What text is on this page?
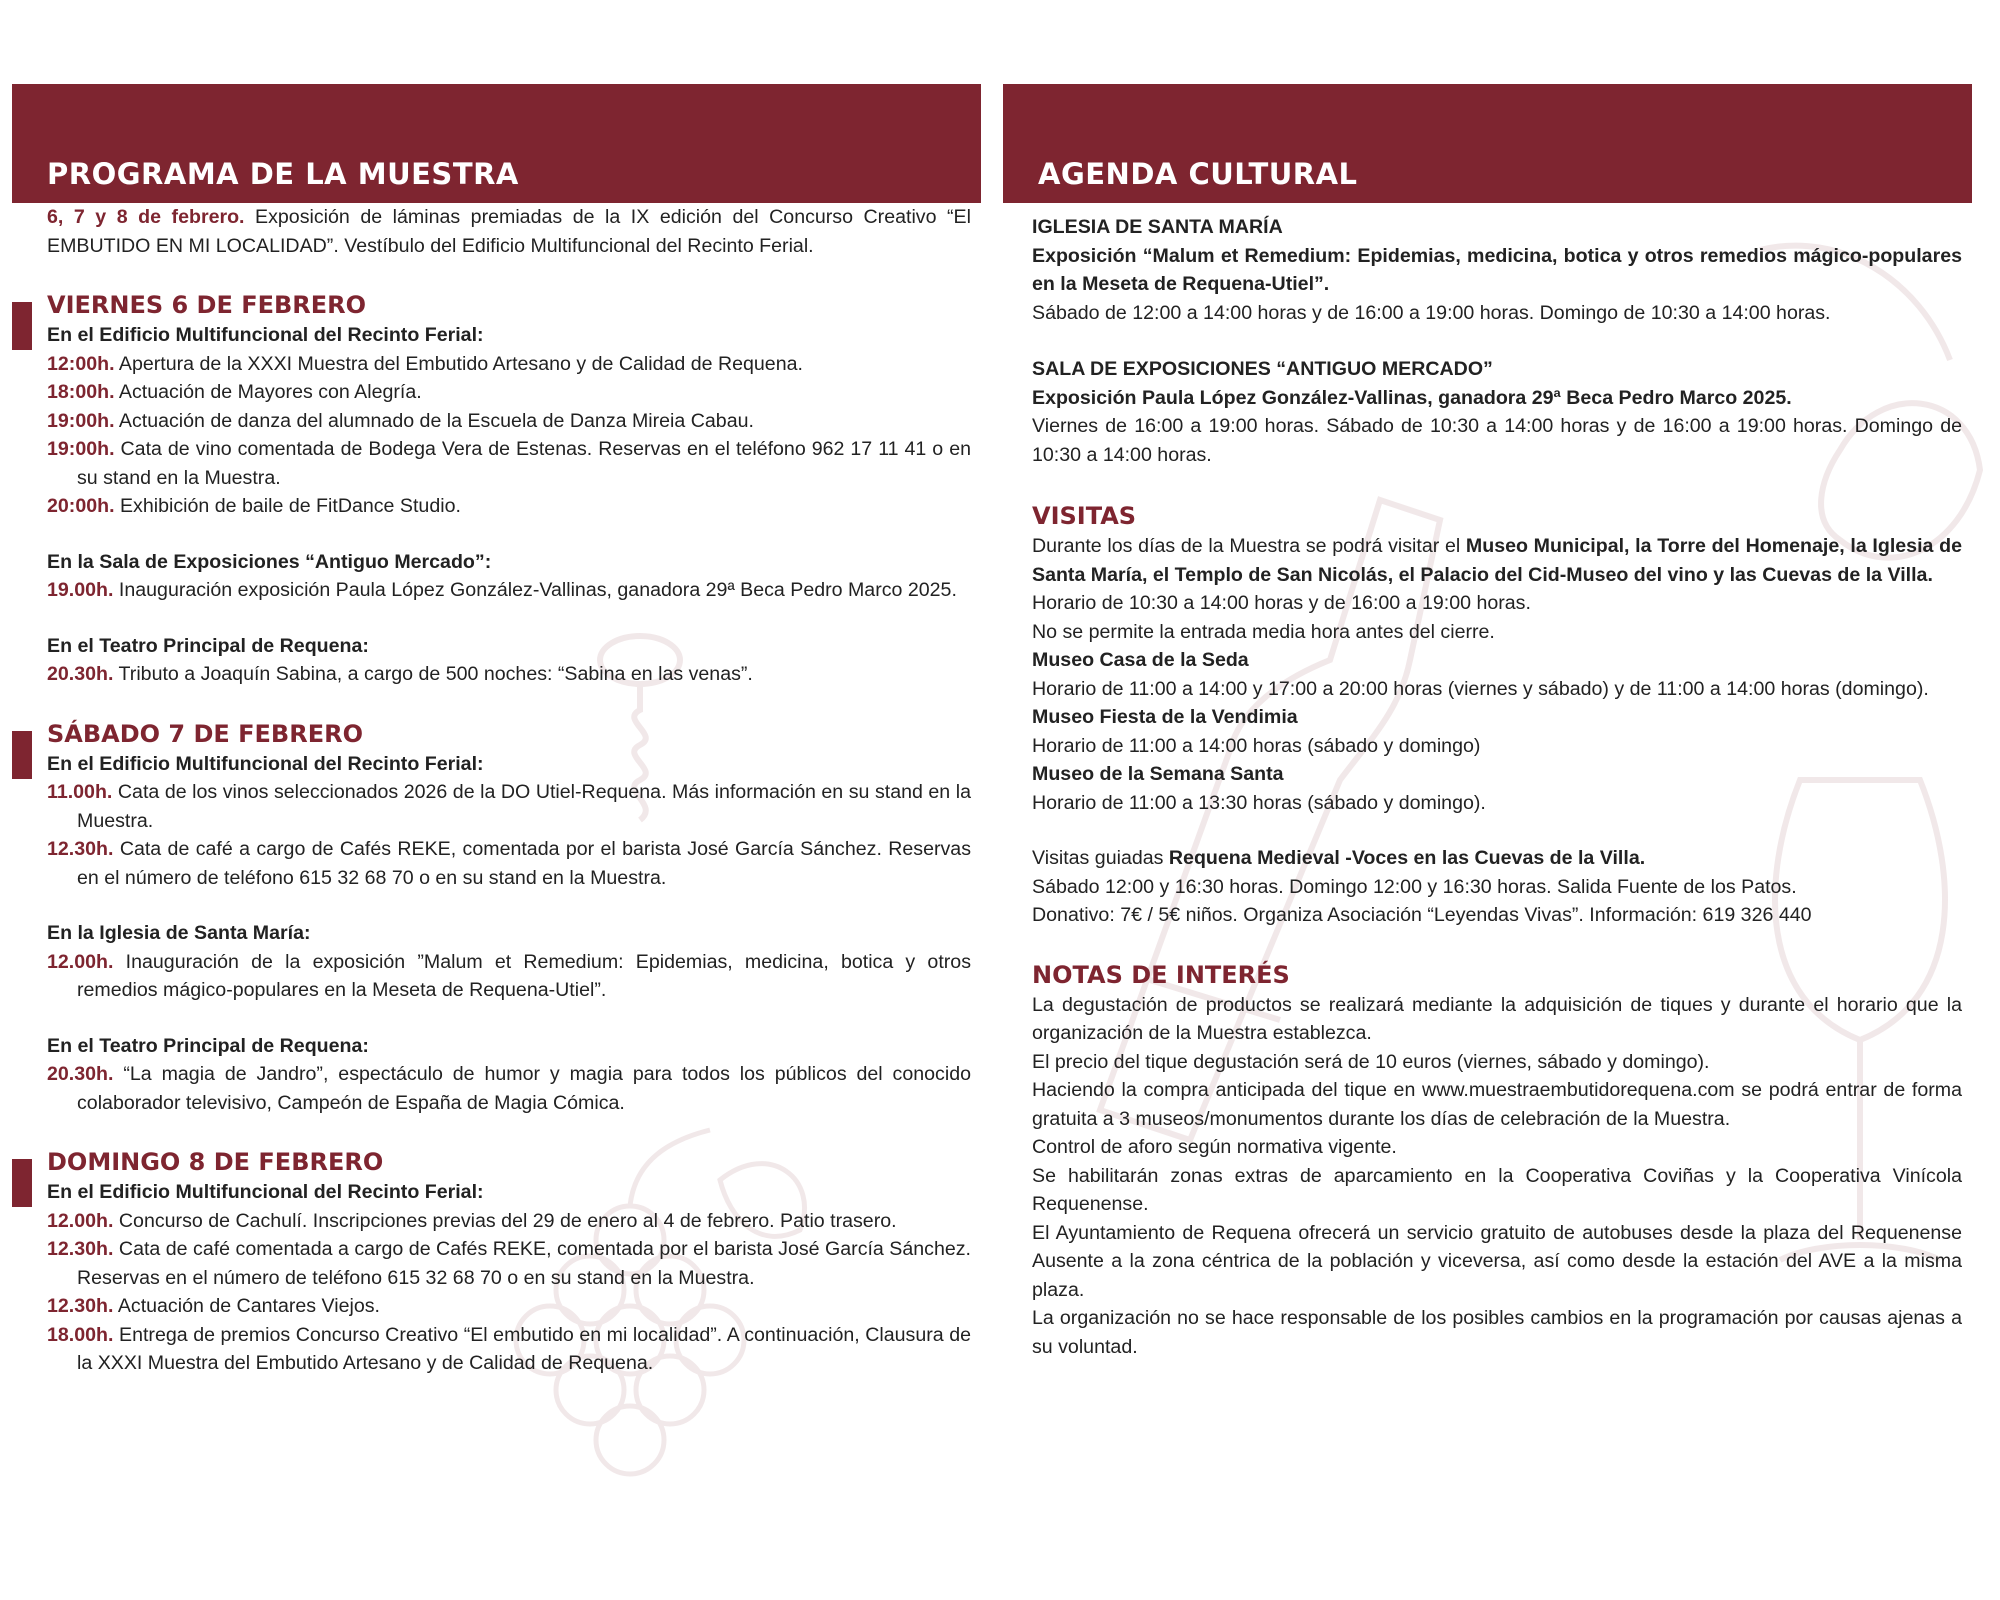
PROGRAMA DE LA MUESTRA

6, 7 y 8 de febrero. Exposición de láminas premiadas de la IX edición del Concurso Creativo “El EMBUTIDO EN MI LOCALIDAD”. Vestíbulo del Edificio Multifuncional del Recinto Ferial.

VIERNES 6 DE FEBRERO

En el Edificio Multifuncional del Recinto Ferial:

12:00h. Apertura de la XXXI Muestra del Embutido Artesano y de Calidad de Requena.

18:00h. Actuación de Mayores con Alegría.

19:00h. Actuación de danza del alumnado de la Escuela de Danza Mireia Cabau.

19:00h. Cata de vino comentada de Bodega Vera de Estenas. Reservas en el teléfono 962 17 11 41 o en su stand en la Muestra.

20:00h. Exhibición de baile de FitDance Studio.

En la Sala de Exposiciones “Antiguo Mercado”:

19.00h. Inauguración exposición Paula López González-Vallinas, ganadora 29ª Beca Pedro Marco 2025.

En el Teatro Principal de Requena:

20.30h. Tributo a Joaquín Sabina, a cargo de 500 noches: “Sabina en las venas”.

SÁBADO 7 DE FEBRERO

En el Edificio Multifuncional del Recinto Ferial:

11.00h. Cata de los vinos seleccionados 2026 de la DO Utiel-Requena. Más información en su stand en la Muestra.

12.30h. Cata de café a cargo de Cafés REKE, comentada por el barista José García Sánchez. Reservas en el número de teléfono 615 32 68 70 o en su stand en la Muestra.

En la Iglesia de Santa María:

12.00h. Inauguración de la exposición ”Malum et Remedium: Epidemias, medicina, botica y otros remedios mágico-populares en la Meseta de Requena-Utiel”.

En el Teatro Principal de Requena:

20.30h. “La magia de Jandro”, espectáculo de humor y magia para todos los públicos del conocido colaborador televisivo, Campeón de España de Magia Cómica.

DOMINGO 8 DE FEBRERO

En el Edificio Multifuncional del Recinto Ferial:

12.00h. Concurso de Cachulí. Inscripciones previas del 29 de enero al 4 de febrero. Patio trasero.

12.30h. Cata de café comentada a cargo de Cafés REKE, comentada por el barista José García Sánchez. Reservas en el número de teléfono 615 32 68 70 o en su stand en la Muestra.

12.30h. Actuación de Cantares Viejos.

18.00h. Entrega de premios Concurso Creativo “El embutido en mi localidad”. A continuación, Clausura de la XXXI Muestra del Embutido Artesano y de Calidad de Requena.

AGENDA CULTURAL

IGLESIA DE SANTA MARÍA

Exposición “Malum et Remedium: Epidemias, medicina, botica y otros remedios mágico-populares en la Meseta de Requena-Utiel”.

Sábado de 12:00 a 14:00 horas y de 16:00 a 19:00 horas. Domingo de 10:30 a 14:00 horas.

SALA DE EXPOSICIONES “ANTIGUO MERCADO”

Exposición Paula López González-Vallinas, ganadora 29ª Beca Pedro Marco 2025.

Viernes de 16:00 a 19:00 horas. Sábado de 10:30 a 14:00 horas y de 16:00 a 19:00 horas. Domingo de 10:30 a 14:00 horas.

VISITAS

Durante los días de la Muestra se podrá visitar el Museo Municipal, la Torre del Homenaje, la Iglesia de Santa María, el Templo de San Nicolás, el Palacio del Cid-Museo del vino y las Cuevas de la Villa.

Horario de 10:30 a 14:00 horas y de 16:00 a 19:00 horas.

No se permite la entrada media hora antes del cierre.

Museo Casa de la Seda

Horario de 11:00 a 14:00 y 17:00 a 20:00 horas (viernes y sábado) y de 11:00 a 14:00 horas (domingo).

Museo Fiesta de la Vendimia

Horario de 11:00 a 14:00 horas (sábado y domingo)

Museo de la Semana Santa

Horario de 11:00 a 13:30 horas (sábado y domingo).

Visitas guiadas Requena Medieval -Voces en las Cuevas de la Villa.

Sábado 12:00 y 16:30 horas. Domingo 12:00 y 16:30 horas. Salida Fuente de los Patos.

Donativo: 7€ / 5€ niños. Organiza Asociación “Leyendas Vivas”. Información: 619 326 440

NOTAS DE INTERÉS

La degustación de productos se realizará mediante la adquisición de tiques y durante el horario que la organización de la Muestra establezca.

El precio del tique degustación será de 10 euros (viernes, sábado y domingo).

Haciendo la compra anticipada del tique en www.muestraembutidorequena.com se podrá entrar de forma gratuita a 3 museos/monumentos durante los días de celebración de la Muestra.

Control de aforo según normativa vigente.

Se habilitarán zonas extras de aparcamiento en la Cooperativa Coviñas y la Cooperativa Vinícola Requenense.

El Ayuntamiento de Requena ofrecerá un servicio gratuito de autobuses desde la plaza del Requenense Ausente a la zona céntrica de la población y viceversa, así como desde la estación del AVE a la misma plaza.

La organización no se hace responsable de los posibles cambios en la programación por causas ajenas a su voluntad.
